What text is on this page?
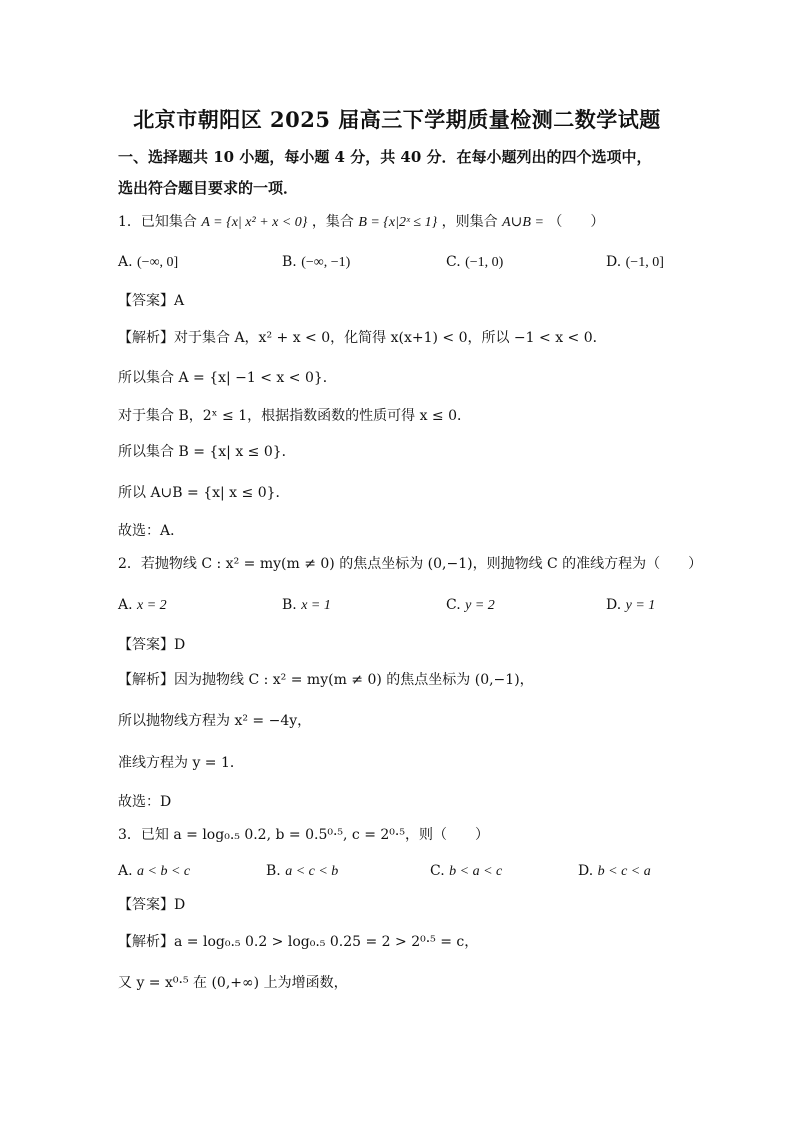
北京市朝阳区 2025 届高三下学期质量检测二数学试题
一、选择题共 10 小题，每小题 4 分，共 40 分．在每小题列出的四个选项中，
选出符合题目要求的一项．
1．已知集合 A = {x| x² + x < 0} ，集合 B = {x|2ˣ ≤ 1} ，则集合 A∪B = （　　）
A. (−∞, 0]	B. (−∞, −1)	C. (−1, 0)	D. (−1, 0]
【答案】A
【解析】对于集合 A，x² + x < 0，化简得 x(x+1) < 0，所以 −1 < x < 0．
所以集合 A = {x| −1 < x < 0}．
对于集合 B，2ˣ ≤ 1，根据指数函数的性质可得 x ≤ 0．
所以集合 B = {x| x ≤ 0}．
所以 A∪B = {x| x ≤ 0}．
故选：A．
2．若抛物线 C : x² = my(m ≠ 0) 的焦点坐标为 (0,−1)，则抛物线 C 的准线方程为（　　）
A. x = 2	B. x = 1	C. y = 2	D. y = 1
【答案】D
【解析】因为抛物线 C : x² = my(m ≠ 0) 的焦点坐标为 (0,−1)，
所以抛物线方程为 x² = −4y，
准线方程为 y = 1．
故选：D
3．已知 a = log₀.₅ 0.2, b = 0.5⁰·⁵, c = 2⁰·⁵，则（　　）
A. a < b < c	B. a < c < b	C. b < a < c	D. b < c < a
【答案】D
【解析】a = log₀.₅ 0.2 > log₀.₅ 0.25 = 2 > 2⁰·⁵ = c，
又 y = x⁰·⁵ 在 (0,+∞) 上为增函数，
